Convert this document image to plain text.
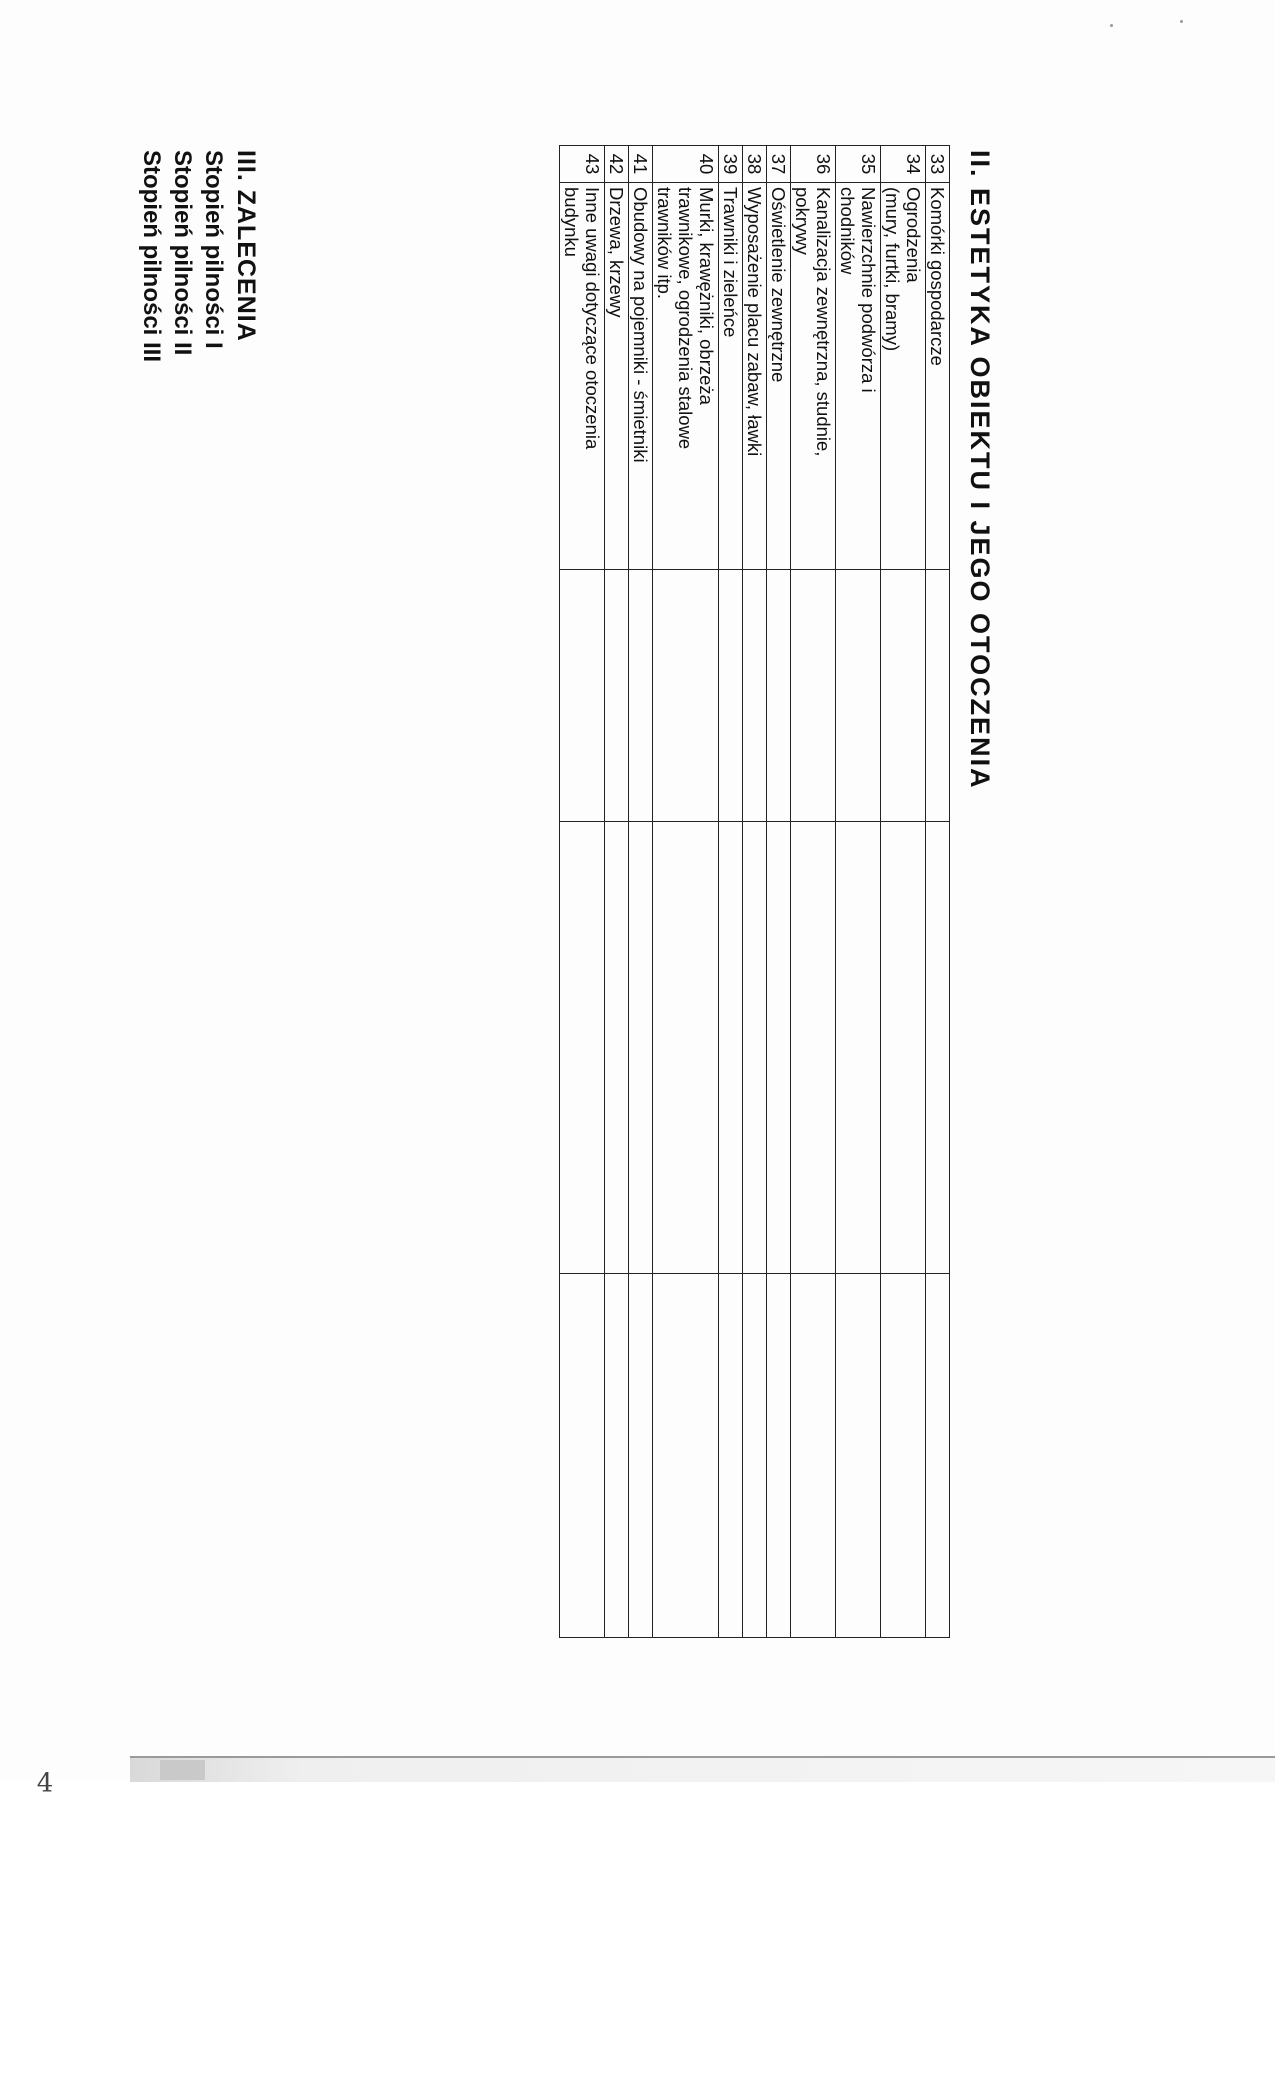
II. ESTETYKA OBIEKTU I JEGO OTOCZENIA
33	Komórki gospodarcze			
34	Ogrodzenia
(mury, furtki, bramy)			
35	Nawierzchnie podwórza i
chodników			
36	Kanalizacja zewnętrzna, studnie,
pokrywy			
37	Oświetlenie zewnętrzne			
38	Wyposażenie placu zabaw, ławki			
39	Trawniki i zieleńce			
40	Murki, krawężniki, obrzeża
trawnikowe, ogrodzenia stalowe
trawników itp.			
41	Obudowy na pojemniki - śmietniki			
42	Drzewa, krzewy			
43	Inne uwagi dotyczące otoczenia
budynku			
III. ZALECENIA
Stopień pilności I
Stopień pilności II
Stopień pilności III
4
